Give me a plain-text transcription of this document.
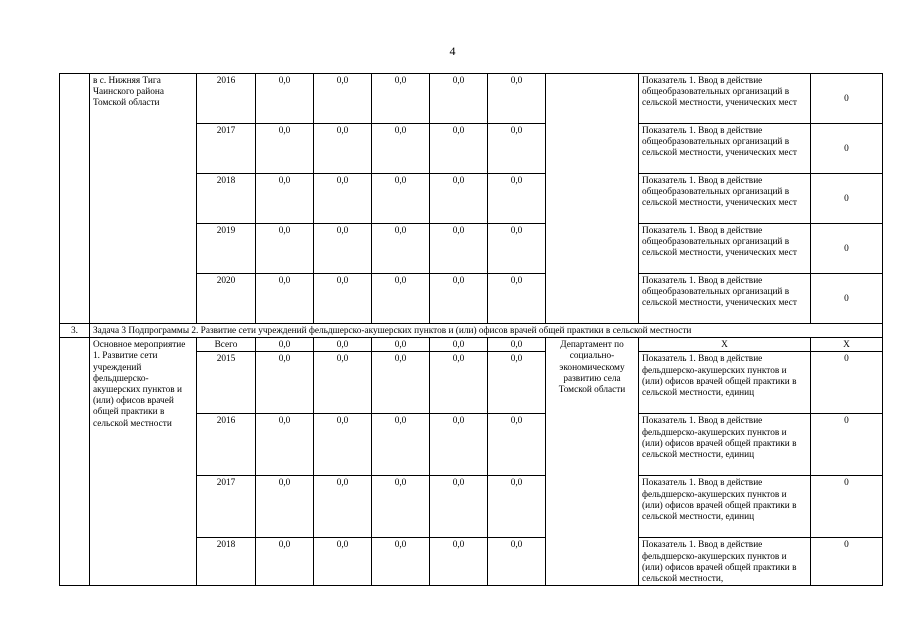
4
	в с. Нижняя Тига Чаинского района Томской области	2016	0,0	0,0	0,0	0,0	0,0		Показатель 1. Ввод в действие общеобразовательных организаций в сельской местности, ученических мест	0
		2017	0,0	0,0	0,0	0,0	0,0		Показатель 1. Ввод в действие общеобразовательных организаций в сельской местности, ученических мест	0
		2018	0,0	0,0	0,0	0,0	0,0		Показатель 1. Ввод в действие общеобразовательных организаций в сельской местности, ученических мест	0
		2019	0,0	0,0	0,0	0,0	0,0		Показатель 1. Ввод в действие общеобразовательных организаций в сельской местности, ученических мест	0
		2020	0,0	0,0	0,0	0,0	0,0		Показатель 1. Ввод в действие общеобразовательных организаций в сельской местности, ученических мест	0
3.	Задача 3 Подпрограммы 2. Развитие сети учреждений фельдшерско-акушерских пунктов и (или) офисов врачей общей практики в сельской местности									
	Основное мероприятие 1. Развитие сети учреждений фельдшерско-акушерских пунктов и (или) офисов врачей общей практики в сельской местности	Всего	0,0	0,0	0,0	0,0	0,0	Департамент по социально-экономическому развитию села Томской области	Х	Х
		2015	0,0	0,0	0,0	0,0	0,0		Показатель 1. Ввод в действие фельдшерско-акушерских пунктов и (или) офисов врачей общей практики в сельской местности, единиц	0
		2016	0,0	0,0	0,0	0,0	0,0		Показатель 1. Ввод в действие фельдшерско-акушерских пунктов и (или) офисов врачей общей практики в сельской местности, единиц	0
		2017	0,0	0,0	0,0	0,0	0,0		Показатель 1. Ввод в действие фельдшерско-акушерских пунктов и (или) офисов врачей общей практики в сельской местности, единиц	0
		2018	0,0	0,0	0,0	0,0	0,0		Показатель 1. Ввод в действие фельдшерско-акушерских пунктов и (или) офисов врачей общей практики в сельской местности,	0
